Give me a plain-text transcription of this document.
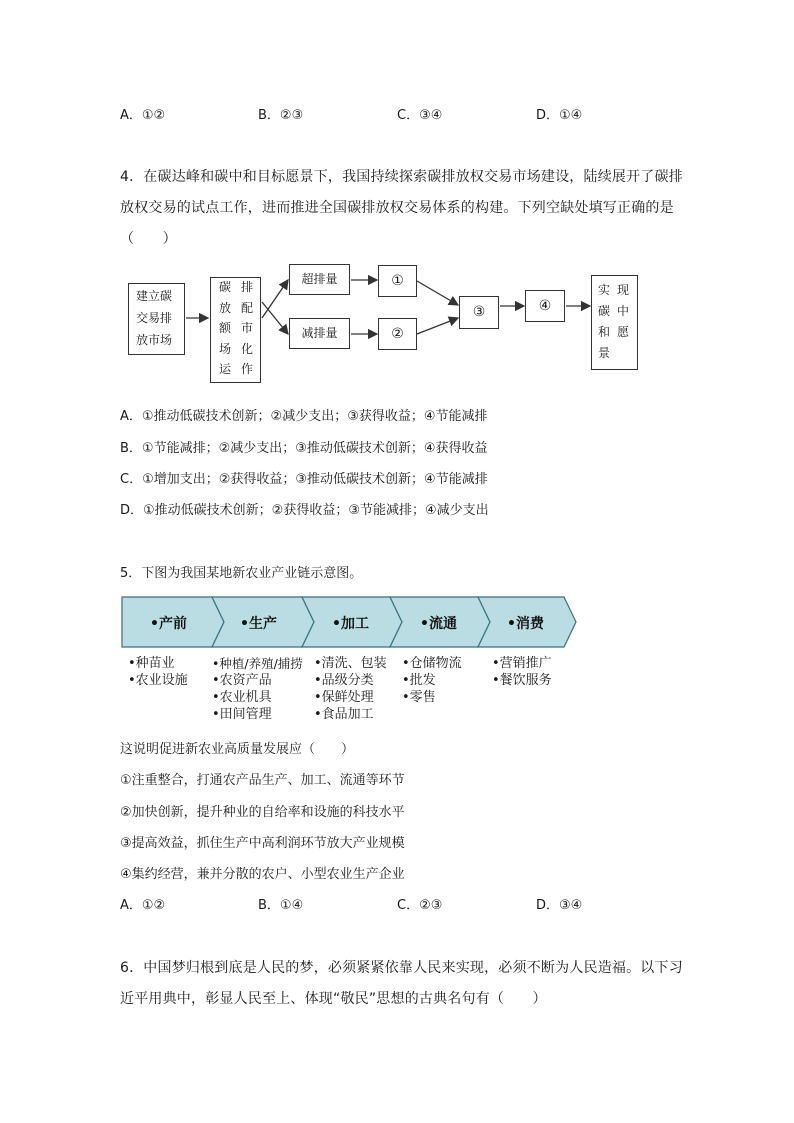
A．①②	B．②③	C．③④	D．①④
4．在碳达峰和碳中和目标愿景下，我国持续探索碳排放权交易市场建设，陆续展开了碳排
放权交易的试点工作，进而推进全国碳排放权交易体系的构建。下列空缺处填写正确的是
（　　）
建立碳
交易排
放市场
碳
放
额
场
运
排
配
市
化
作
超排量
减排量
①
②
③	④
实
碳
和
景
现
中
愿
A．①推动低碳技术创新；②减少支出；③获得收益；④节能减排
B．①节能减排；②减少支出；③推动低碳技术创新；④获得收益
C．①增加支出；②获得收益；③推动低碳技术创新；④节能减排
D．①推动低碳技术创新；②获得收益；③节能减排；④减少支出
5．下图为我国某地新农业产业链示意图。
•产前	•生产	•加工	•流通	•消费
•种苗业
•农业设施
•种植/养殖/捕捞
•农资产品
•农业机具
•田间管理
•清洗、包装
•品级分类
•保鲜处理
•食品加工
•仓储物流
•批发
•零售
•营销推广
•餐饮服务
这说明促进新农业高质量发展应（　　）
①注重整合，打通农产品生产、加工、流通等环节
②加快创新，提升种业的自给率和设施的科技水平
③提高效益，抓住生产中高利润环节放大产业规模
④集约经营，兼并分散的农户、小型农业生产企业
A．①②	B．①④	C．②③	D．③④
6．中国梦归根到底是人民的梦，必须紧紧依靠人民来实现，必须不断为人民造福。以下习
近平用典中，彰显人民至上、体现“敬民”思想的古典名句有（　　）
